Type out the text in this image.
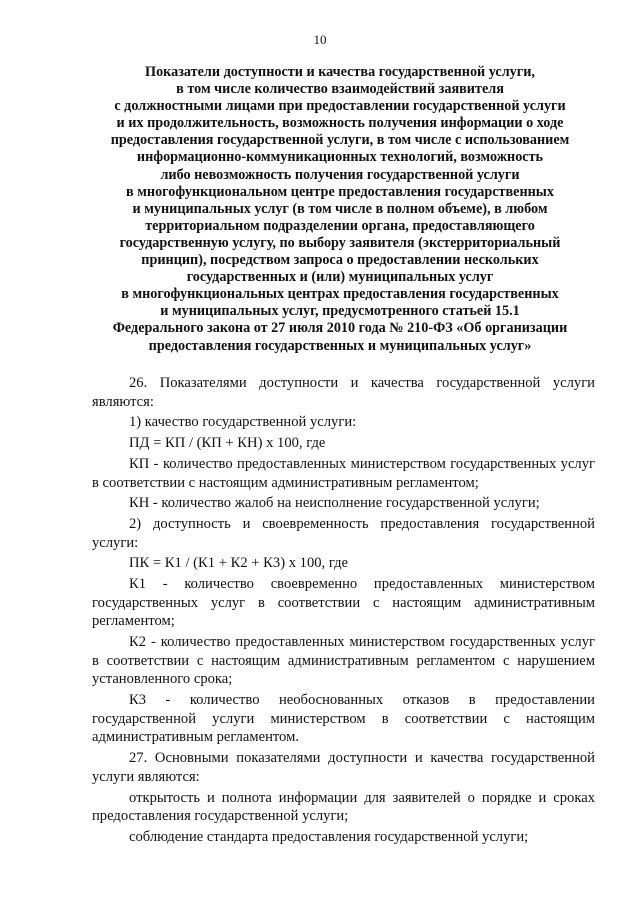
10
Показатели доступности и качества государственной услуги,
в том числе количество взаимодействий заявителя
с должностными лицами при предоставлении государственной услуги
и их продолжительность, возможность получения информации о ходе
предоставления государственной услуги, в том числе с использованием
информационно-коммуникационных технологий, возможность
либо невозможность получения государственной услуги
в многофункциональном центре предоставления государственных
и муниципальных услуг (в том числе в полном объеме), в любом
территориальном подразделении органа, предоставляющего
государственную услугу, по выбору заявителя (экстерриториальный
принцип), посредством запроса о предоставлении нескольких
государственных и (или) муниципальных услуг
в многофункциональных центрах предоставления государственных
и муниципальных услуг, предусмотренного статьей 15.1
Федерального закона от 27 июля 2010 года № 210-ФЗ «Об организации
предоставления государственных и муниципальных услуг»

26. Показателями доступности и качества государственной услуги являются:

1) качество государственной услуги:

ПД = КП / (КП + КН) х 100, где

КП - количество предоставленных министерством государственных услуг в соответствии с настоящим административным регламентом;

КН - количество жалоб на неисполнение государственной услуги;

2) доступность и своевременность предоставления государственной услуги:

ПК = К1 / (К1 + К2 + К3) х 100, где

К1 - количество своевременно предоставленных министерством государственных услуг в соответствии с настоящим административным регламентом;

К2 - количество предоставленных министерством государственных услуг в соответствии с настоящим административным регламентом с нарушением установленного срока;

К3 - количество необоснованных отказов в предоставлении государственной услуги министерством в соответствии с настоящим административным регламентом.

27. Основными показателями доступности и качества государственной услуги являются:

открытость и полнота информации для заявителей о порядке и сроках предоставления государственной услуги;

соблюдение стандарта предоставления государственной услуги;
